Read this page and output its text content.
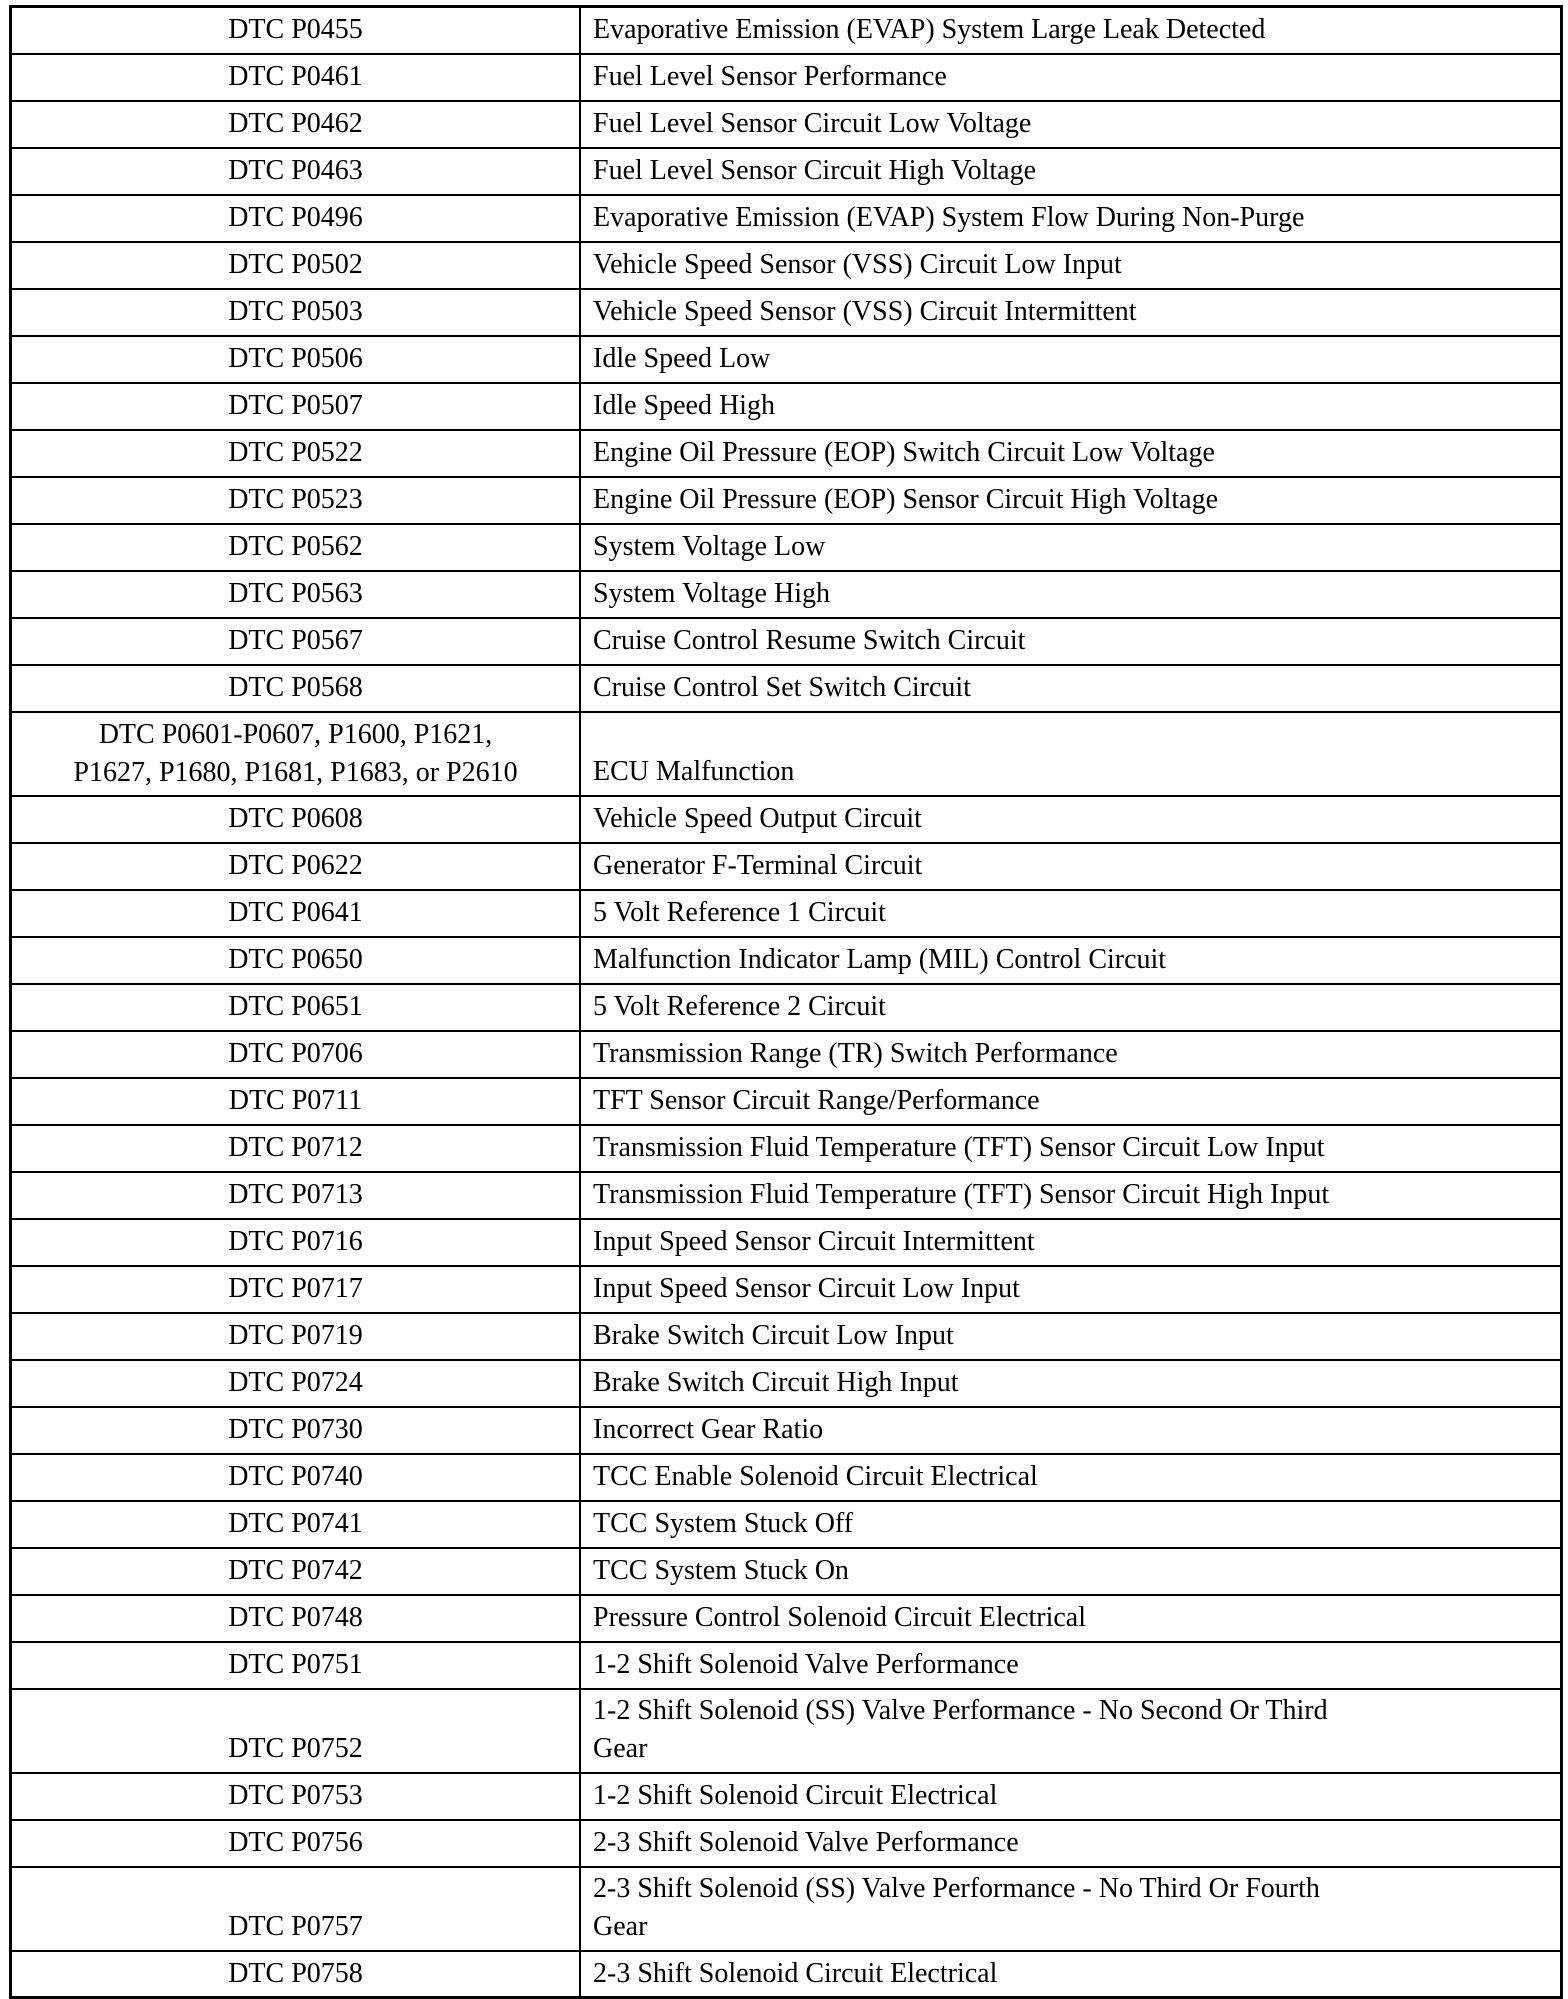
DTC P0455	Evaporative Emission (EVAP) System Large Leak Detected
DTC P0461	Fuel Level Sensor Performance
DTC P0462	Fuel Level Sensor Circuit Low Voltage
DTC P0463	Fuel Level Sensor Circuit High Voltage
DTC P0496	Evaporative Emission (EVAP) System Flow During Non-Purge
DTC P0502	Vehicle Speed Sensor (VSS) Circuit Low Input
DTC P0503	Vehicle Speed Sensor (VSS) Circuit Intermittent
DTC P0506	Idle Speed Low
DTC P0507	Idle Speed High
DTC P0522	Engine Oil Pressure (EOP) Switch Circuit Low Voltage
DTC P0523	Engine Oil Pressure (EOP) Sensor Circuit High Voltage
DTC P0562	System Voltage Low
DTC P0563	System Voltage High
DTC P0567	Cruise Control Resume Switch Circuit
DTC P0568	Cruise Control Set Switch Circuit

DTC P0601-P0607, P1600, P1621,
P1627, P1680, P1681, P1683, or P2610	ECU Malfunction
DTC P0608	Vehicle Speed Output Circuit
DTC P0622	Generator F-Terminal Circuit
DTC P0641	5 Volt Reference 1 Circuit
DTC P0650	Malfunction Indicator Lamp (MIL) Control Circuit
DTC P0651	5 Volt Reference 2 Circuit
DTC P0706	Transmission Range (TR) Switch Performance
DTC P0711	TFT Sensor Circuit Range/Performance
DTC P0712	Transmission Fluid Temperature (TFT) Sensor Circuit Low Input
DTC P0713	Transmission Fluid Temperature (TFT) Sensor Circuit High Input
DTC P0716	Input Speed Sensor Circuit Intermittent
DTC P0717	Input Speed Sensor Circuit Low Input
DTC P0719	Brake Switch Circuit Low Input
DTC P0724	Brake Switch Circuit High Input
DTC P0730	Incorrect Gear Ratio
DTC P0740	TCC Enable Solenoid Circuit Electrical
DTC P0741	TCC System Stuck Off
DTC P0742	TCC System Stuck On
DTC P0748	Pressure Control Solenoid Circuit Electrical
DTC P0751	1-2 Shift Solenoid Valve Performance
DTC P0752	1-2 Shift Solenoid (SS) Valve Performance - No Second Or Third
Gear

DTC P0753	1-2 Shift Solenoid Circuit Electrical
DTC P0756	2-3 Shift Solenoid Valve Performance
DTC P0757	2-3 Shift Solenoid (SS) Valve Performance - No Third Or Fourth
Gear

DTC P0758	2-3 Shift Solenoid Circuit Electrical
